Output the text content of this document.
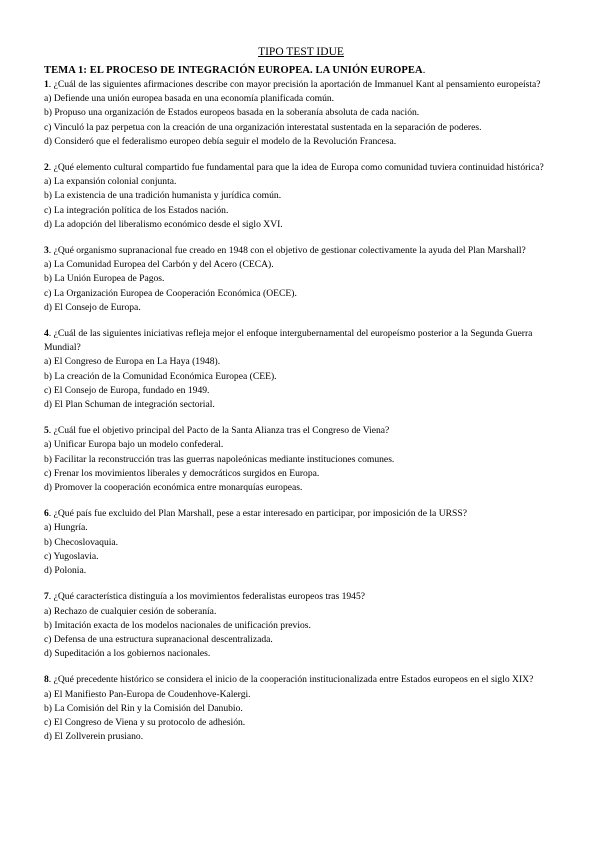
TIPO TEST IDUE
TEMA 1: EL PROCESO DE INTEGRACIÓN EUROPEA. LA UNIÓN EUROPEA.

1. ¿Cuál de las siguientes afirmaciones describe con mayor precisión la aportación de Immanuel Kant al pensamiento europeísta?

a) Defiende una unión europea basada en una economía planificada común.

b) Propuso una organización de Estados europeos basada en la soberanía absoluta de cada nación.

c) Vinculó la paz perpetua con la creación de una organización interestatal sustentada en la separación de poderes.

d) Consideró que el federalismo europeo debía seguir el modelo de la Revolución Francesa.

2. ¿Qué elemento cultural compartido fue fundamental para que la idea de Europa como comunidad tuviera continuidad histórica?

a) La expansión colonial conjunta.

b) La existencia de una tradición humanista y jurídica común.

c) La integración política de los Estados nación.

d) La adopción del liberalismo económico desde el siglo XVI.

3. ¿Qué organismo supranacional fue creado en 1948 con el objetivo de gestionar colectivamente la ayuda del Plan Marshall?

a) La Comunidad Europea del Carbón y del Acero (CECA).

b) La Unión Europea de Pagos.

c) La Organización Europea de Cooperación Económica (OECE).

d) El Consejo de Europa.

4. ¿Cuál de las siguientes iniciativas refleja mejor el enfoque intergubernamental del europeísmo posterior a la Segunda Guerra Mundial?

a) El Congreso de Europa en La Haya (1948).

b) La creación de la Comunidad Económica Europea (CEE).

c) El Consejo de Europa, fundado en 1949.

d) El Plan Schuman de integración sectorial.

5. ¿Cuál fue el objetivo principal del Pacto de la Santa Alianza tras el Congreso de Viena?

a) Unificar Europa bajo un modelo confederal.

b) Facilitar la reconstrucción tras las guerras napoleónicas mediante instituciones comunes.

c) Frenar los movimientos liberales y democráticos surgidos en Europa.

d) Promover la cooperación económica entre monarquías europeas.

6. ¿Qué país fue excluido del Plan Marshall, pese a estar interesado en participar, por imposición de la URSS?

a) Hungría.

b) Checoslovaquia.

c) Yugoslavia.

d) Polonia.

7. ¿Qué característica distinguía a los movimientos federalistas europeos tras 1945?

a) Rechazo de cualquier cesión de soberanía.

b) Imitación exacta de los modelos nacionales de unificación previos.

c) Defensa de una estructura supranacional descentralizada.

d) Supeditación a los gobiernos nacionales.

8. ¿Qué precedente histórico se considera el inicio de la cooperación institucionalizada entre Estados europeos en el siglo XIX?

a) El Manifiesto Pan-Europa de Coudenhove-Kalergi.

b) La Comisión del Rin y la Comisión del Danubio.

c) El Congreso de Viena y su protocolo de adhesión.

d) El Zollverein prusiano.
